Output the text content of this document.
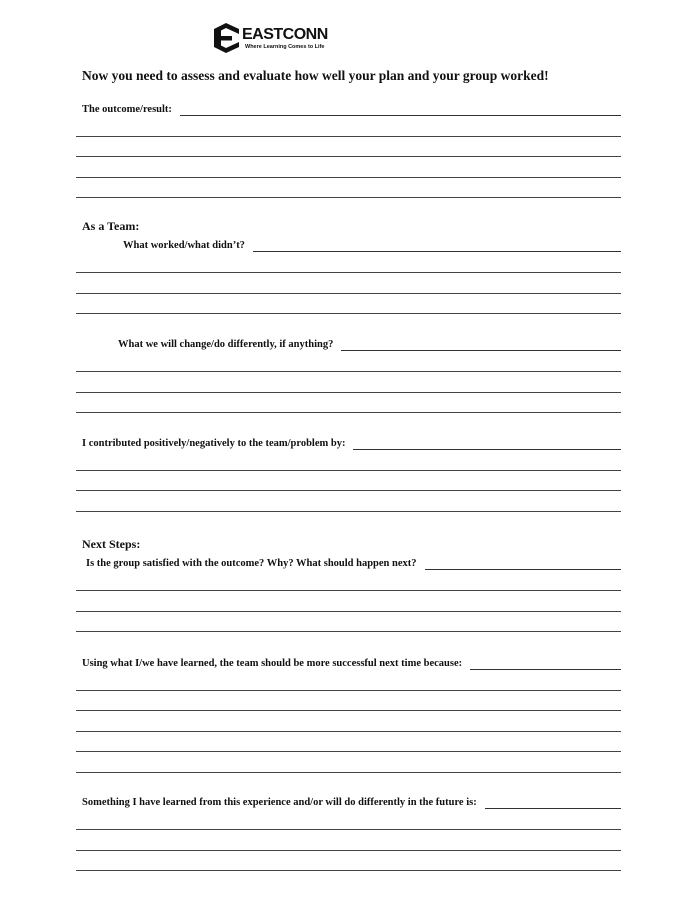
EASTCONN
Where Learning Comes to Life
Now you need to assess and evaluate how well your plan and your group worked!
The outcome/result:
As a Team:
What worked/what didn’t?
What we will change/do differently, if anything?
I contributed positively/negatively to the team/problem by:
Next Steps:
Is the group satisfied with the outcome? Why? What should happen next?
Using what I/we have learned, the team should be more successful next time because:
Something I have learned from this experience and/or will do differently in the future is:
